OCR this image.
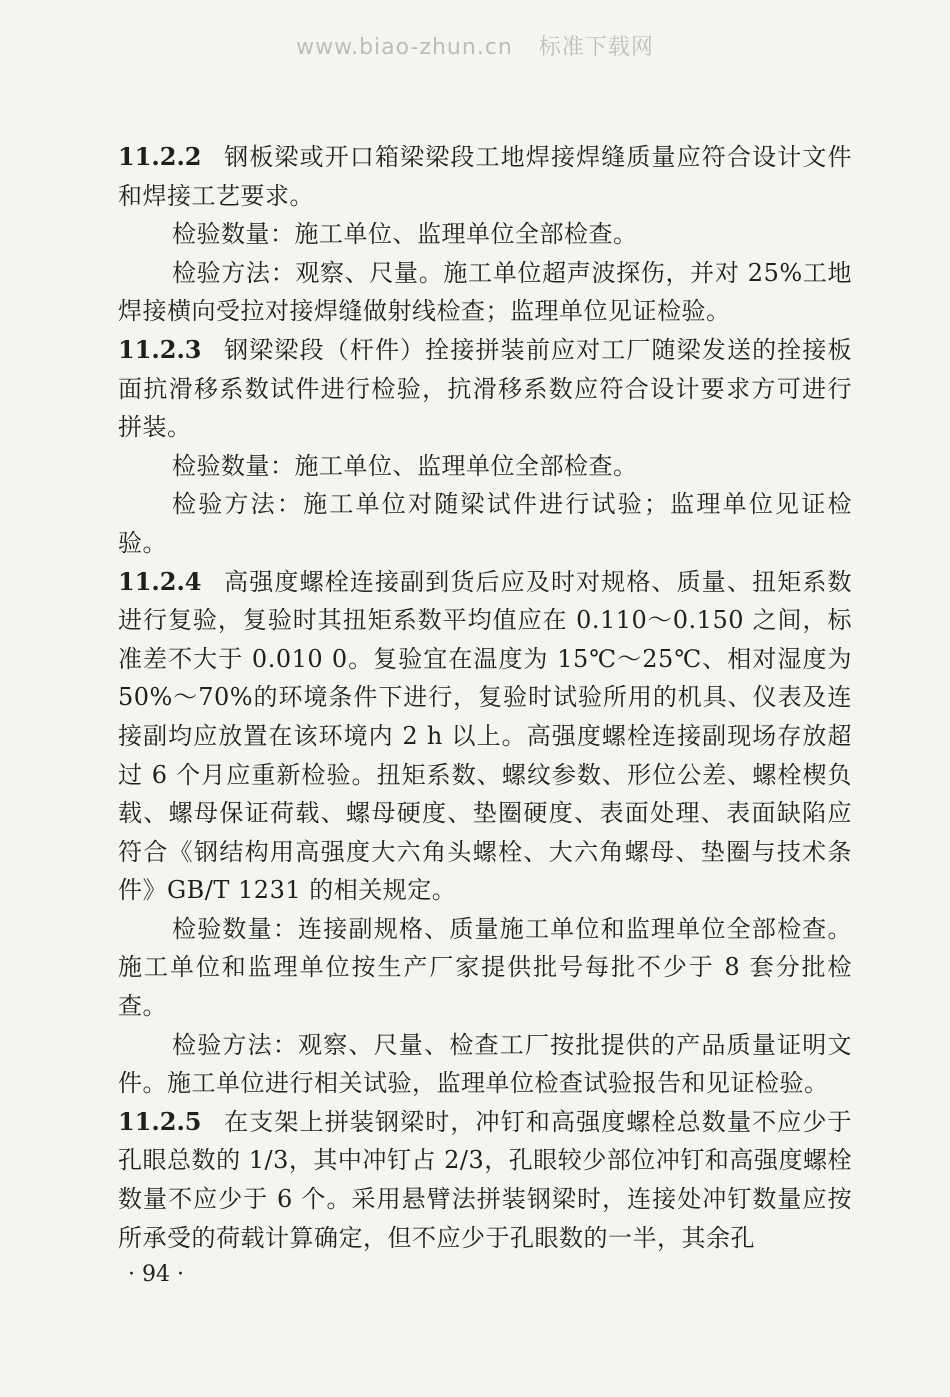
www.biao-zhun.cn 标准下载网

11.2.2 钢板梁或开口箱梁梁段工地焊接焊缝质量应符合设计文件和焊接工艺要求。

检验数量：施工单位、监理单位全部检查。

检验方法：观察、尺量。施工单位超声波探伤，并对 25%工地焊接横向受拉对接焊缝做射线检查；监理单位见证检验。

11.2.3 钢梁梁段（杆件）拴接拼装前应对工厂随梁发送的拴接板面抗滑移系数试件进行检验，抗滑移系数应符合设计要求方可进行拼装。

检验数量：施工单位、监理单位全部检查。

检验方法：施工单位对随梁试件进行试验；监理单位见证检验。

11.2.4 高强度螺栓连接副到货后应及时对规格、质量、扭矩系数进行复验，复验时其扭矩系数平均值应在 0.110～0.150 之间，标准差不大于 0.010 0。复验宜在温度为 15℃～25℃、相对湿度为 50%～70%的环境条件下进行，复验时试验所用的机具、仪表及连接副均应放置在该环境内 2 h 以上。高强度螺栓连接副现场存放超过 6 个月应重新检验。扭矩系数、螺纹参数、形位公差、螺栓楔负载、螺母保证荷载、螺母硬度、垫圈硬度、表面处理、表面缺陷应符合《钢结构用高强度大六角头螺栓、大六角螺母、垫圈与技术条件》GB/T 1231 的相关规定。

检验数量：连接副规格、质量施工单位和监理单位全部检查。施工单位和监理单位按生产厂家提供批号每批不少于 8 套分批检查。

检验方法：观察、尺量、检查工厂按批提供的产品质量证明文件。施工单位进行相关试验，监理单位检查试验报告和见证检验。

11.2.5 在支架上拼装钢梁时，冲钉和高强度螺栓总数量不应少于孔眼总数的 1/3，其中冲钉占 2/3，孔眼较少部位冲钉和高强度螺栓数量不应少于 6 个。采用悬臂法拼装钢梁时，连接处冲钉数量应按所承受的荷载计算确定，但不应少于孔眼数的一半，其余孔

· 94 ·
